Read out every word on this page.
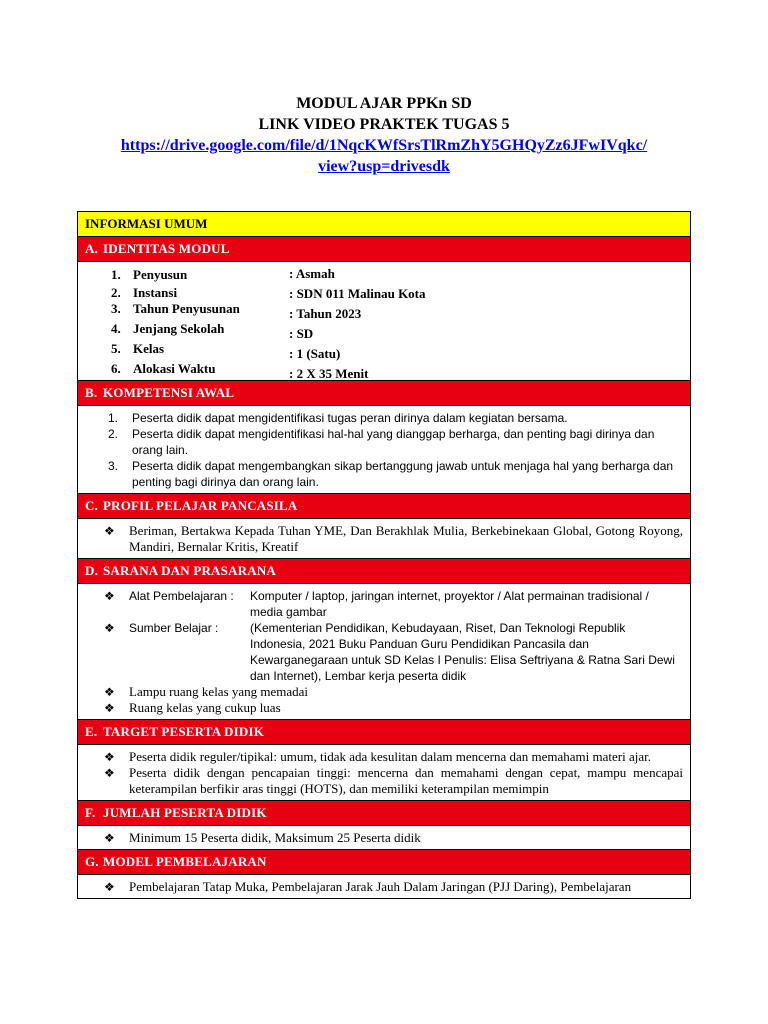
MODUL AJAR PPKn SD
LINK VIDEO PRAKTEK TUGAS 5
https://drive.google.com/file/d/1NqcKWfSrsTlRmZhY5GHQyZz6JFwIVqkc/
view?usp=drivesdk
INFORMASI UMUM
A. IDENTITAS MODUL

1. Penyusun	: Asmah
2. Instansi	: SDN 011 Malinau Kota
3. Tahun Penyusunan	: Tahun 2023
4. Jenjang Sekolah	: SD
5. Kelas	: 1 (Satu)
6. Alokasi Waktu	: 2 X 35 Menit

B. KOMPETENSI AWAL

1. Peserta didik dapat mengidentifikasi tugas peran dirinya dalam kegiatan bersama.
2. Peserta didik dapat mengidentifikasi hal-hal yang dianggap berharga, dan penting bagi dirinya dan orang lain.
3. Peserta didik dapat mengembangkan sikap bertanggung jawab untuk menjaga hal yang berharga dan penting bagi dirinya dan orang lain.

C. PROFIL PELAJAR PANCASILA

❖ Beriman, Bertakwa Kepada Tuhan YME, Dan Berakhlak Mulia, Berkebinekaan Global, Gotong Royong, Mandiri, Bernalar Kritis, Kreatif

D. SARANA DAN PRASARANA

❖ Alat Pembelajaran :	Komputer / laptop, jaringan internet, proyektor / Alat permainan tradisional / media gambar
❖ Sumber Belajar :	(Kementerian Pendidikan, Kebudayaan, Riset, Dan Teknologi Republik Indonesia, 2021 Buku Panduan Guru Pendidikan Pancasila dan Kewarganegaraan untuk SD Kelas I Penulis: Elisa Seftriyana & Ratna Sari Dewi dan Internet), Lembar kerja peserta didik
❖ Lampu ruang kelas yang memadai
❖ Ruang kelas yang cukup luas

E. TARGET PESERTA DIDIK

❖ Peserta didik reguler/tipikal: umum, tidak ada kesulitan dalam mencerna dan memahami materi ajar.
❖ Peserta didik dengan pencapaian tinggi: mencerna dan memahami dengan cepat, mampu mencapai keterampilan berfikir aras tinggi (HOTS), dan memiliki keterampilan memimpin

F. JUMLAH PESERTA DIDIK

❖ Minimum 15 Peserta didik, Maksimum 25 Peserta didik

G. MODEL PEMBELAJARAN

❖ Pembelajaran Tatap Muka, Pembelajaran Jarak Jauh Dalam Jaringan (PJJ Daring), Pembelajaran
